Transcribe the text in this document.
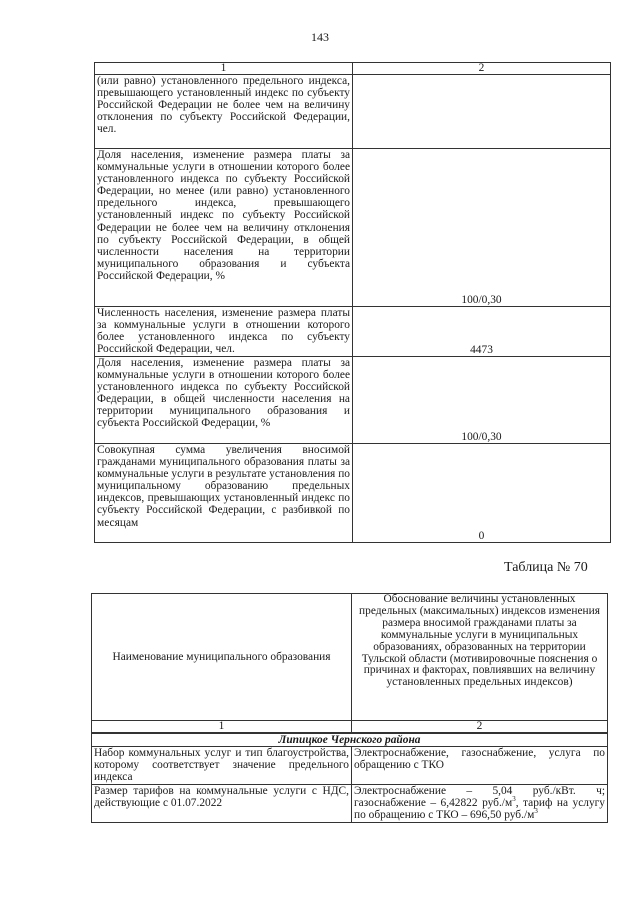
143
1	2
(или равно) установленного предельного индекса, превышающего установленный индекс по субъекту Российской Федерации не более чем на величину отклонения по субъекту Российской Федерации, чел.	
Доля населения, изменение размера платы за коммунальные услуги в отношении которого более установленного индекса по субъекту Российской Федерации, но менее (или равно) установленного предельного индекса, превышающего установленный индекс по субъекту Российской Федерации не более чем на величину отклонения по субъекту Российской Федерации, в общей численности населения на территории муниципального образования и субъекта Российской Федерации, %	100/0,30
Численность населения, изменение размера платы за коммунальные услуги в отношении которого более установленного индекса по субъекту Российской Федерации, чел.	4473
Доля населения, изменение размера платы за коммунальные услуги в отношении которого более установленного индекса по субъекту Российской Федерации, в общей численности населения на территории муниципального образования и субъекта Российской Федерации, %	100/0,30
Совокупная сумма увеличения вносимой гражданами муниципального образования платы за коммунальные услуги в результате установления по муниципальному образованию предельных индексов, превышающих установленный индекс по субъекту Российской Федерации, с разбивкой по месяцам	0
Таблица № 70
Наименование муниципального образования	Обоснование величины установленных предельных (максимальных) индексов изменения размера вносимой гражданами платы за коммунальные услуги в муниципальных образованиях, образованных на территории Тульской области (мотивировочные пояснения о причинах и факторах, повлиявших на величину установленных предельных индексов)
1	2
Липицкое Чернского района	
Набор коммунальных услуг и тип благоустройства, которому соответствует значение предельного индекса	Электроснабжение, газоснабжение, услуга по обращению с ТКО
Размер тарифов на коммунальные услуги с НДС, действующие с 01.07.2022	Электроснабжение – 5,04 руб./кВт. ч; газоснабжение – 6,42822 $руб./м^3$, тариф на услугу по обращению с ТКО – 696,50 $руб./м^3$
